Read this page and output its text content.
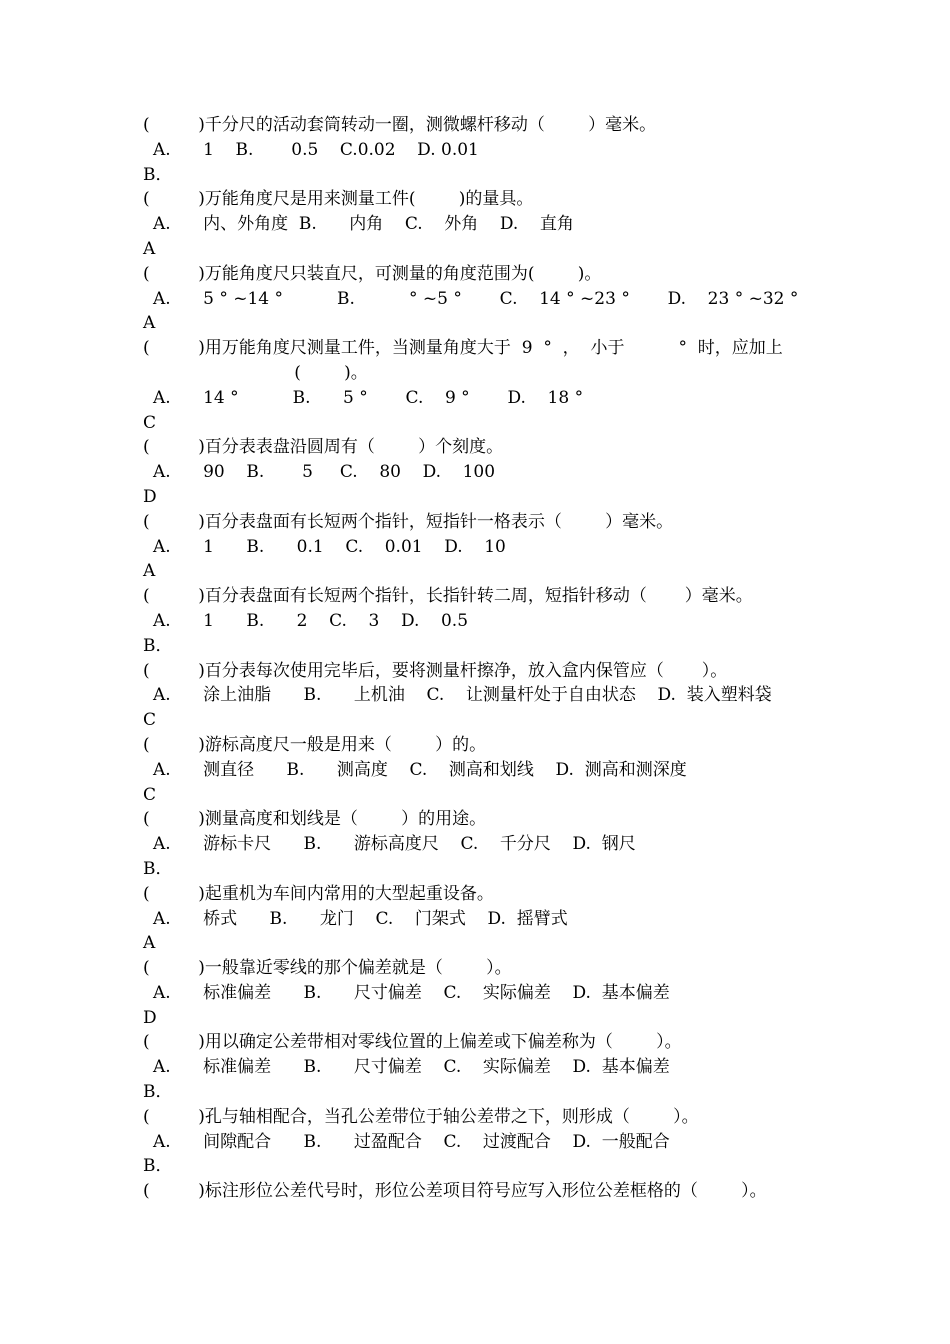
(         )千分尺的活动套筒转动一圈，测微螺杆移动（        ）毫米。
A.      1    B.       0.5    C.0.02    D. 0.01
B．
(         )万能角度尺是用来测量工件(        )的量具。
A.      内、外角度  B.      内角    C.    外角    D.    直角
A
(         )万能角度尺只装直尺，可测量的角度范围为(        )。
A.      5 ° ~14 °          B.          ° ~5 °       C.    14 ° ~23 °       D.    23 ° ~32 °
A
(         )用万能角度尺测量工件，当测量角度大于  9  °  ，  小于          °  时，应加上
(        )。
A.      14 °          B.      5 °       C.    9 °       D.    18 °
C
(         )百分表表盘沿圆周有（        ）个刻度。
A.      90    B.       5     C.    80    D.    100
D
(         )百分表盘面有长短两个指针，短指针一格表示（        ）毫米。
A.      1      B.      0.1    C.    0.01    D.    10
A
(         )百分表盘面有长短两个指针，长指针转二周，短指针移动（       ）毫米。
A.      1      B.      2    C.    3    D.    0.5
B．
(         )百分表每次使用完毕后，要将测量杆擦净，放入盒内保管应（       ）。
A.      涂上油脂      B.      上机油    C.    让测量杆处于自由状态    D.  装入塑料袋
C
(         )游标高度尺一般是用来（        ）的。
A.      测直径      B.      测高度    C.    测高和划线    D.  测高和测深度
C
(         )测量高度和划线是（        ）的用途。
A.      游标卡尺      B.      游标高度尺    C.    千分尺    D.  钢尺
B．
(         )起重机为车间内常用的大型起重设备。
A.      桥式      B.      龙门    C.    门架式    D.  摇臂式
A
(         )一般靠近零线的那个偏差就是（        ）。
A.      标准偏差      B.      尺寸偏差    C.    实际偏差    D.  基本偏差
D
(         )用以确定公差带相对零线位置的上偏差或下偏差称为（        ）。
A.      标准偏差      B.      尺寸偏差    C.    实际偏差    D.  基本偏差
B．
(         )孔与轴相配合，当孔公差带位于轴公差带之下，则形成（        ）。
A.      间隙配合      B.      过盈配合    C.    过渡配合    D.  一般配合
B．
(         )标注形位公差代号时，形位公差项目符号应写入形位公差框格的（        ）。
